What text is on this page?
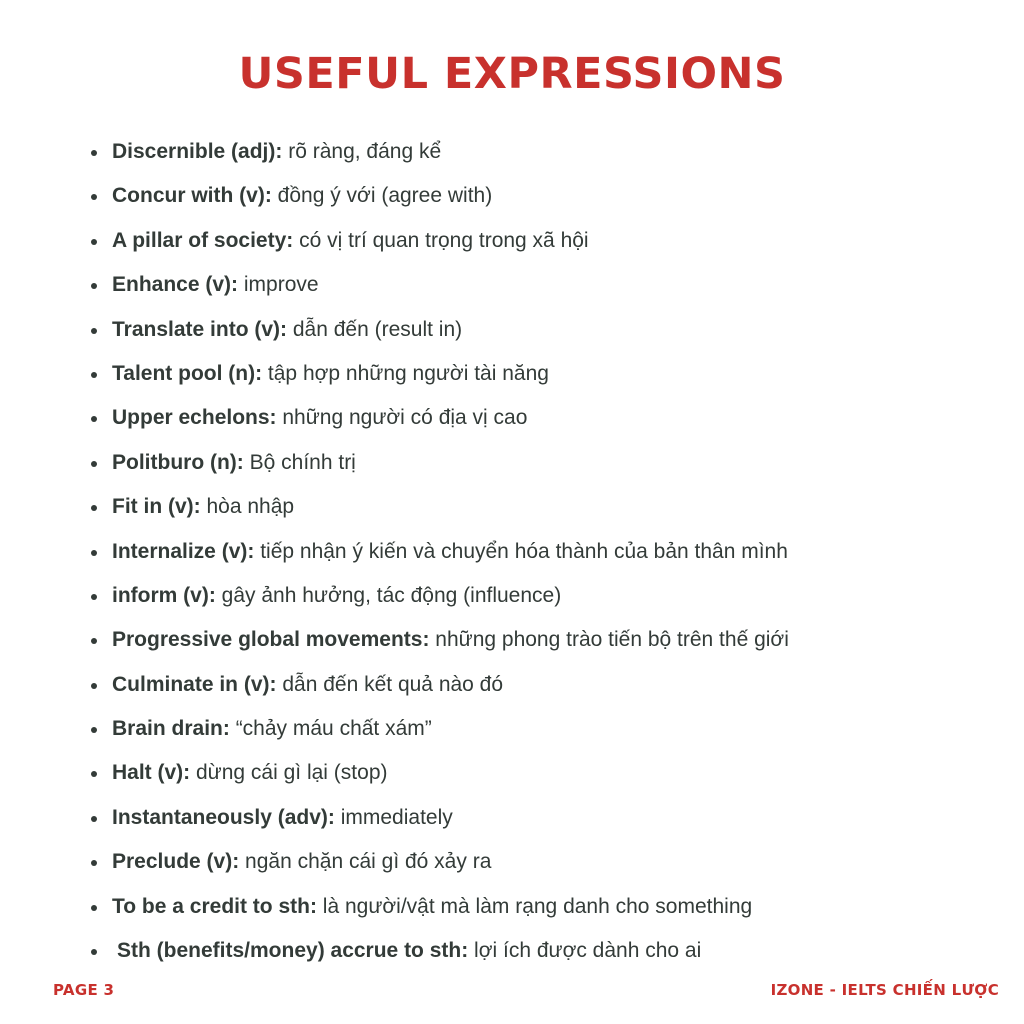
USEFUL EXPRESSIONS
Discernible (adj): rõ ràng, đáng kể
Concur with (v): đồng ý với (agree with)
A pillar of society: có vị trí quan trọng trong xã hội
Enhance (v): improve
Translate into (v): dẫn đến (result in)
Talent pool (n): tập hợp những người tài năng
Upper echelons: những người có địa vị cao
Politburo (n): Bộ chính trị
Fit in (v): hòa nhập
Internalize (v): tiếp nhận ý kiến và chuyển hóa thành của bản thân mình
inform (v): gây ảnh hưởng, tác động (influence)
Progressive global movements: những phong trào tiến bộ trên thế giới
Culminate in (v): dẫn đến kết quả nào đó
Brain drain: “chảy máu chất xám”
Halt (v): dừng cái gì lại (stop)
Instantaneously (adv): immediately
Preclude (v): ngăn chặn cái gì đó xảy ra
To be a credit to sth: là người/vật mà làm rạng danh cho something
Sth (benefits/money) accrue to sth: lợi ích được dành cho ai
PAGE 3	IZONE - IELTS CHIẾN LƯỢC
